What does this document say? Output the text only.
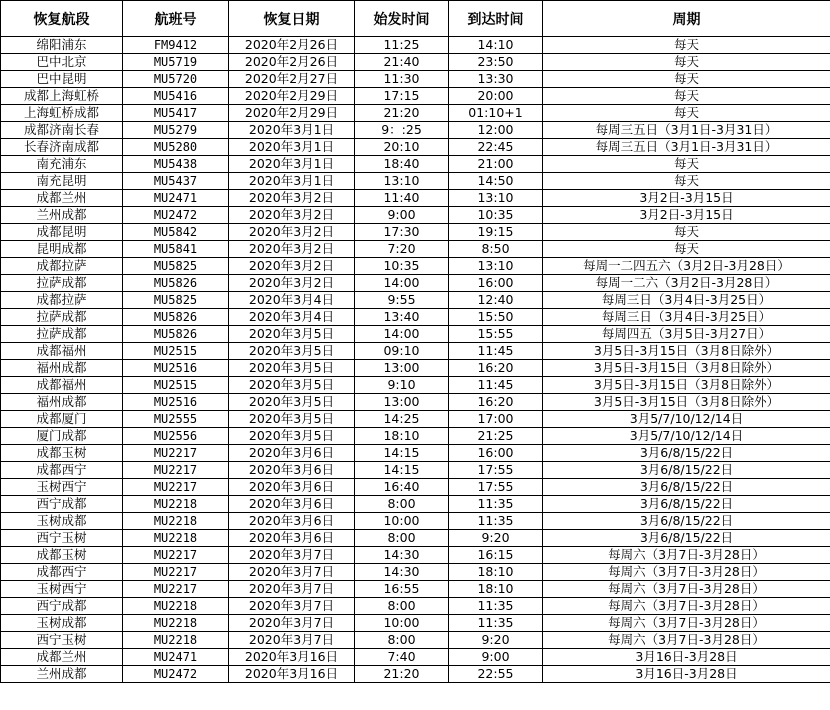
恢复航段	航班号	恢复日期	始发时间	到达时间	周期
绵阳浦东	FM9412	2020年2月26日	11:25	14:10	每天
巴中北京	MU5719	2020年2月26日	21:40	23:50	每天
巴中昆明	MU5720	2020年2月27日	11:30	13:30	每天
成都上海虹桥	MU5416	2020年2月29日	17:15	20:00	每天
上海虹桥成都	MU5417	2020年2月29日	21:20	01:10+1	每天
成都济南长春	MU5279	2020年3月1日	9：:25	12:00	每周三五日（3月1日-3月31日）
长春济南成都	MU5280	2020年3月1日	20:10	22:45	每周三五日（3月1日-3月31日）
南充浦东	MU5438	2020年3月1日	18:40	21:00	每天
南充昆明	MU5437	2020年3月1日	13:10	14:50	每天
成都兰州	MU2471	2020年3月2日	11:40	13:10	3月2日-3月15日
兰州成都	MU2472	2020年3月2日	9:00	10:35	3月2日-3月15日
成都昆明	MU5842	2020年3月2日	17:30	19:15	每天
昆明成都	MU5841	2020年3月2日	7:20	8:50	每天
成都拉萨	MU5825	2020年3月2日	10:35	13:10	每周一二四五六（3月2日-3月28日）
拉萨成都	MU5826	2020年3月2日	14:00	16:00	每周一二六（3月2日-3月28日）
成都拉萨	MU5825	2020年3月4日	9:55	12:40	每周三日（3月4日-3月25日）
拉萨成都	MU5826	2020年3月4日	13:40	15:50	每周三日（3月4日-3月25日）
拉萨成都	MU5826	2020年3月5日	14:00	15:55	每周四五（3月5日-3月27日）
成都福州	MU2515	2020年3月5日	09:10	11:45	3月5日-3月15日（3月8日除外）
福州成都	MU2516	2020年3月5日	13:00	16:20	3月5日-3月15日（3月8日除外）
成都福州	MU2515	2020年3月5日	9:10	11:45	3月5日-3月15日（3月8日除外）
福州成都	MU2516	2020年3月5日	13:00	16:20	3月5日-3月15日（3月8日除外）
成都厦门	MU2555	2020年3月5日	14:25	17:00	3月5/7/10/12/14日
厦门成都	MU2556	2020年3月5日	18:10	21:25	3月5/7/10/12/14日
成都玉树	MU2217	2020年3月6日	14:15	16:00	3月6/8/15/22日
成都西宁	MU2217	2020年3月6日	14:15	17:55	3月6/8/15/22日
玉树西宁	MU2217	2020年3月6日	16:40	17:55	3月6/8/15/22日
西宁成都	MU2218	2020年3月6日	8:00	11:35	3月6/8/15/22日
玉树成都	MU2218	2020年3月6日	10:00	11:35	3月6/8/15/22日
西宁玉树	MU2218	2020年3月6日	8:00	9:20	3月6/8/15/22日
成都玉树	MU2217	2020年3月7日	14:30	16:15	每周六（3月7日-3月28日）
成都西宁	MU2217	2020年3月7日	14:30	18:10	每周六（3月7日-3月28日）
玉树西宁	MU2217	2020年3月7日	16:55	18:10	每周六（3月7日-3月28日）
西宁成都	MU2218	2020年3月7日	8:00	11:35	每周六（3月7日-3月28日）
玉树成都	MU2218	2020年3月7日	10:00	11:35	每周六（3月7日-3月28日）
西宁玉树	MU2218	2020年3月7日	8:00	9:20	每周六（3月7日-3月28日）
成都兰州	MU2471	2020年3月16日	7:40	9:00	3月16日-3月28日
兰州成都	MU2472	2020年3月16日	21:20	22:55	3月16日-3月28日
